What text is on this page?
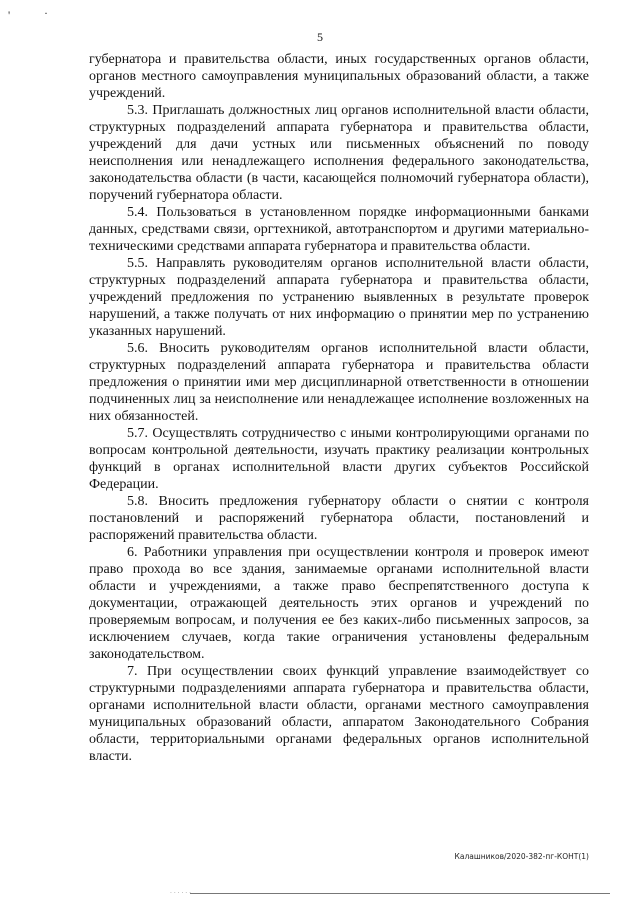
'	·
5

губернатора и правительства области, иных государственных органов области, органов местного самоуправления муниципальных образований области, а также учреждений.

5.3. Приглашать должностных лиц органов исполнительной власти области, структурных подразделений аппарата губернатора и правительства области, учреждений для дачи устных или письменных объяснений по поводу неисполнения или ненадлежащего исполнения федерального законодательства, законодательства области (в части, касающейся полномочий губернатора области), поручений губернатора области.

5.4. Пользоваться в установленном порядке информационными банками данных, средствами связи, оргтехникой, автотранспортом и другими материально-техническими средствами аппарата губернатора и правительства области.

5.5. Направлять руководителям органов исполнительной власти области, структурных подразделений аппарата губернатора и правительства области, учреждений предложения по устранению выявленных в результате проверок нарушений, а также получать от них информацию о принятии мер по устранению указанных нарушений.

5.6. Вносить руководителям органов исполнительной власти области, структурных подразделений аппарата губернатора и правительства области предложения о принятии ими мер дисциплинарной ответственности в отношении подчиненных лиц за неисполнение или ненадлежащее исполнение возложенных на них обязанностей.

5.7. Осуществлять сотрудничество с иными контролирующими органами по вопросам контрольной деятельности, изучать практику реализации контрольных функций в органах исполнительной власти других субъектов Российской Федерации.

5.8. Вносить предложения губернатору области о снятии с контроля постановлений и распоряжений губернатора области, постановлений и распоряжений правительства области.

6. Работники управления при осуществлении контроля и проверок имеют право прохода во все здания, занимаемые органами исполнительной власти области и учреждениями, а также право беспрепятственного доступа к документации, отражающей деятельность этих органов и учреждений по проверяемым вопросам, и получения ее без каких-либо письменных запросов, за исключением случаев, когда такие ограничения установлены федеральным законодательством.

7. При осуществлении своих функций управление взаимодействует со структурными подразделениями аппарата губернатора и правительства области, органами исполнительной власти области, органами местного самоуправления муниципальных образований области, аппаратом Законодательного Собрания области, территориальными органами федеральных органов исполнительной власти.

Калашников/2020-382-пг-КОНТ(1)
. . . . . .
